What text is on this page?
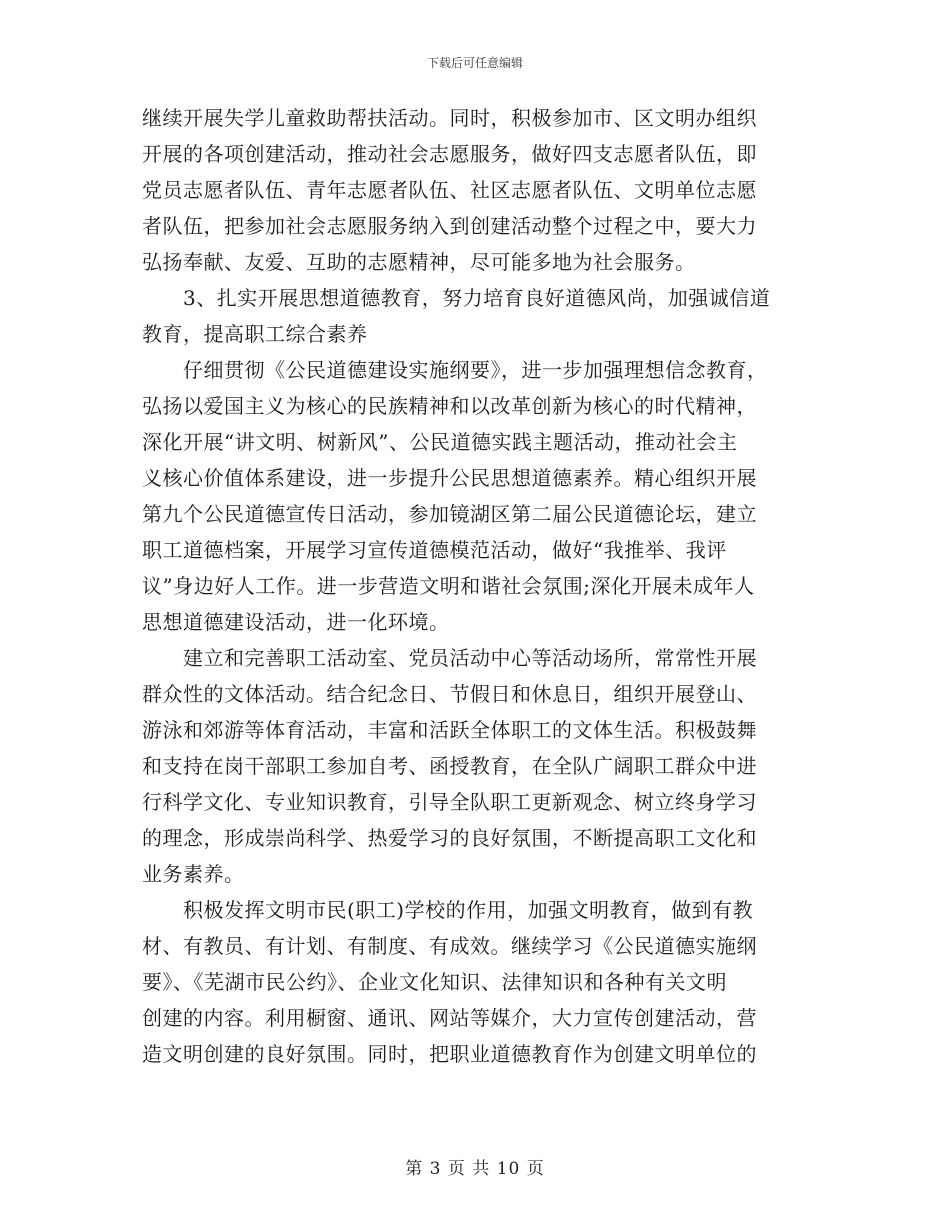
下载后可任意编辑
继续开展失学儿童救助帮扶活动。同时，积极参加市、区文明办组织
开展的各项创建活动，推动社会志愿服务，做好四支志愿者队伍，即
党员志愿者队伍、青年志愿者队伍、社区志愿者队伍、文明单位志愿
者队伍，把参加社会志愿服务纳入到创建活动整个过程之中，要大力
弘扬奉献、友爱、互助的志愿精神，尽可能多地为社会服务。
　　3、扎实开展思想道德教育，努力培育良好道德风尚，加强诚信道
教育，提高职工综合素养
　　仔细贯彻《公民道德建设实施纲要》，进一步加强理想信念教育，
弘扬以爱国主义为核心的民族精神和以改革创新为核心的时代精神，
深化开展“讲文明、树新风”、公民道德实践主题活动，推动社会主
义核心价值体系建设，进一步提升公民思想道德素养。精心组织开展
第九个公民道德宣传日活动，参加镜湖区第二届公民道德论坛，建立
职工道德档案，开展学习宣传道德模范活动，做好“我推举、我评
议”身边好人工作。进一步营造文明和谐社会氛围;深化开展未成年人
思想道德建设活动，进一化环境。
　　建立和完善职工活动室、党员活动中心等活动场所，常常性开展
群众性的文体活动。结合纪念日、节假日和休息日，组织开展登山、
游泳和郊游等体育活动，丰富和活跃全体职工的文体生活。积极鼓舞
和支持在岗干部职工参加自考、函授教育，在全队广阔职工群众中进
行科学文化、专业知识教育，引导全队职工更新观念、树立终身学习
的理念，形成崇尚科学、热爱学习的良好氛围，不断提高职工文化和
业务素养。
　　积极发挥文明市民(职工)学校的作用，加强文明教育，做到有教
材、有教员、有计划、有制度、有成效。继续学习《公民道德实施纲
要》、《芜湖市民公约》、企业文化知识、法律知识和各种有关文明
创建的内容。利用橱窗、通讯、网站等媒介，大力宣传创建活动，营
造文明创建的良好氛围。同时，把职业道德教育作为创建文明单位的
第 3 页 共 10 页
